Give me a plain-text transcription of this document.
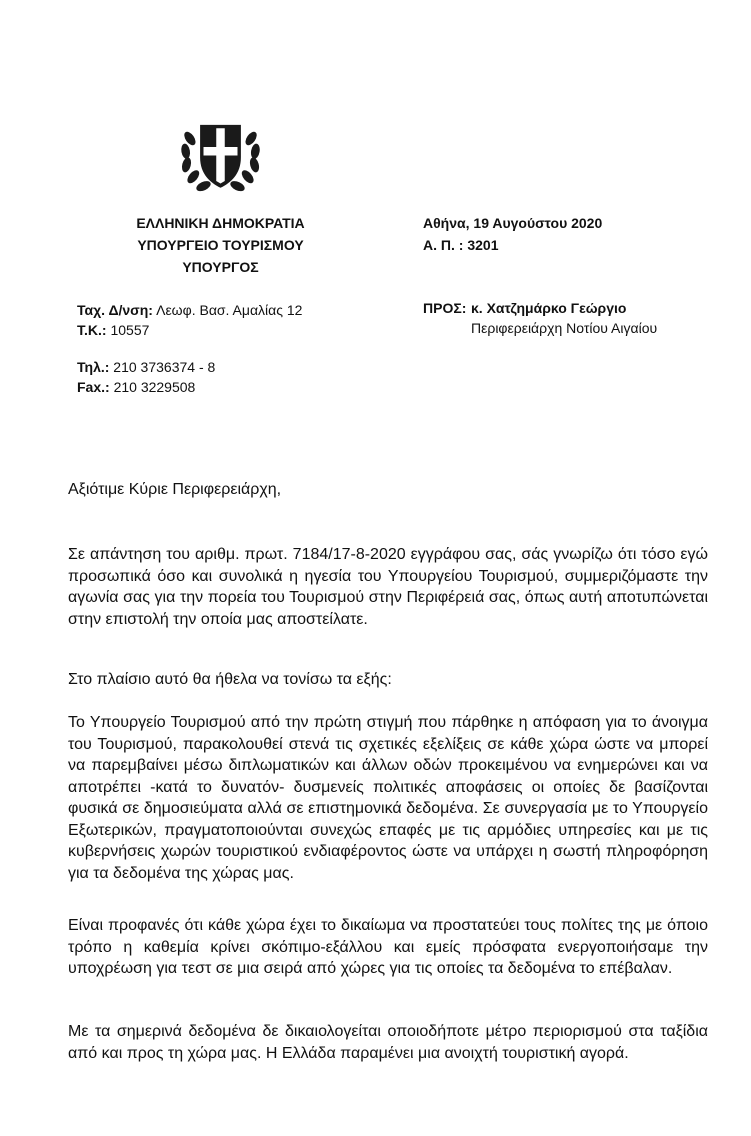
ΕΛΛΗΝΙΚΗ ΔΗΜΟΚΡΑΤΙΑ
ΥΠΟΥΡΓΕΙΟ ΤΟΥΡΙΣΜΟΥ
ΥΠΟΥΡΓΟΣ
Αθήνα, 19 Αυγούστου 2020
Α. Π. : 3201
Ταχ. Δ/νση: Λεωφ. Βασ. Αμαλίας 12
Τ.Κ.: 10557
Τηλ.: 210 3736374 - 8
Fax.: 210 3229508
ΠΡΟΣ: κ. Χατζημάρκο Γεώργιο
Περιφερειάρχη Νοτίου Αιγαίου
Αξιότιμε Κύριε Περιφερειάρχη,

Σε απάντηση του αριθμ. πρωτ. 7184/17-8-2020 εγγράφου σας, σάς γνωρίζω ότι τόσο εγώ προσωπικά όσο και συνολικά η ηγεσία του Υπουργείου Τουρισμού, συμμεριζόμαστε την αγωνία σας για την πορεία του Τουρισμού στην Περιφέρειά σας, όπως αυτή αποτυπώνεται στην επιστολή την οποία μας αποστείλατε.

Στο πλαίσιο αυτό θα ήθελα να τονίσω τα εξής:

Το Υπουργείο Τουρισμού από την πρώτη στιγμή που πάρθηκε η απόφαση για το άνοιγμα του Τουρισμού, παρακολουθεί στενά τις σχετικές εξελίξεις σε κάθε χώρα ώστε να μπορεί να παρεμβαίνει μέσω διπλωματικών και άλλων οδών προκειμένου να ενημερώνει και να αποτρέπει -κατά το δυνατόν- δυσμενείς πολιτικές αποφάσεις οι οποίες δε βασίζονται φυσικά σε δημοσιεύματα αλλά σε επιστημονικά δεδομένα. Σε συνεργασία με το Υπουργείο Εξωτερικών, πραγματοποιούνται συνεχώς επαφές με τις αρμόδιες υπηρεσίες και με τις κυβερνήσεις χωρών τουριστικού ενδιαφέροντος ώστε να υπάρχει η σωστή πληροφόρηση για τα δεδομένα της χώρας μας.

Είναι προφανές ότι κάθε χώρα έχει το δικαίωμα να προστατεύει τους πολίτες της με όποιο τρόπο η καθεμία κρίνει σκόπιμο-εξάλλου και εμείς πρόσφατα ενεργοποιήσαμε την υποχρέωση για τεστ σε μια σειρά από χώρες για τις οποίες τα δεδομένα το επέβαλαν.

Με τα σημερινά δεδομένα δε δικαιολογείται οποιοδήποτε μέτρο περιορισμού στα ταξίδια από και προς τη χώρα μας. Η Ελλάδα παραμένει μια ανοιχτή τουριστική αγορά.
